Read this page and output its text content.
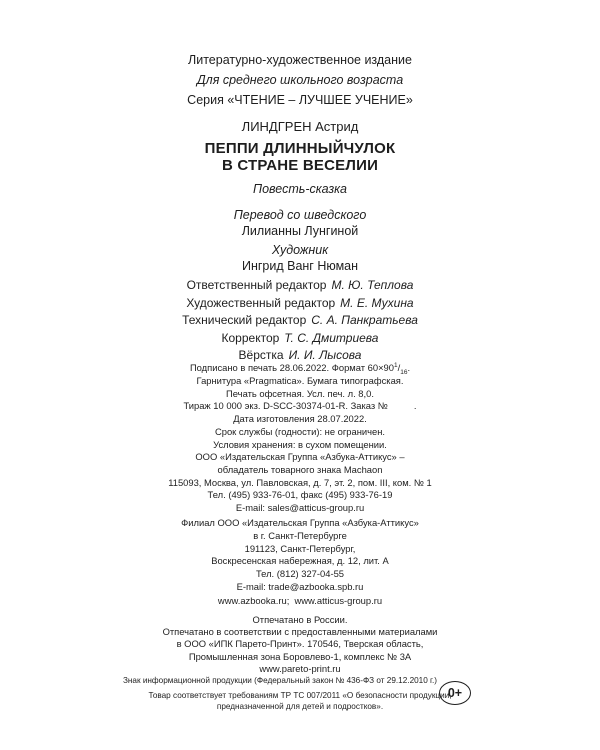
Литературно-художественное издание
Для среднего школьного возраста
Серия «ЧТЕНИЕ – ЛУЧШЕЕ УЧЕНИЕ»
ЛИНДГРЕН Астрид
ПЕППИ ДЛИННЫЙЧУЛОК
В СТРАНЕ ВЕСЕЛИИ
Повесть-сказка
Перевод со шведского
Лилианны Лунгиной
Художник
Ингрид Ванг Нюман
Ответственный редактор М. Ю. Теплова
Художественный редактор М. Е. Мухина
Технический редактор С. А. Панкратьева
Корректор Т. С. Дмитриева
Вёрстка И. И. Лысова
Подписано в печать 28.06.2022. Формат $60\times 90^1/_{16}$.
Гарнитура «Pragmatica». Бумага типографская.
Печать офсетная. Усл. печ. л. 8,0.
Тираж 10 000 экз. D-SCC-30374-01-R. Заказ №          .
Дата изготовления 28.07.2022.
Срок службы (годности): не ограничен.
Условия хранения: в сухом помещении.
ООО «Издательская Группа «Азбука-Аттикус» –
обладатель товарного знака Machaon
115093, Москва, ул. Павловская, д. 7, эт. 2, пом. III, ком. № 1
Тел. (495) 933-76-01, факс (495) 933-76-19
E-mail: sales@atticus-group.ru
Филиал ООО «Издательская Группа «Азбука-Аттикус»
в г. Санкт-Петербурге
191123, Санкт-Петербург,
Воскресенская набережная, д. 12, лит. А
Тел. (812) 327-04-55
E-mail: trade@azbooka.spb.ru
www.azbooka.ru;  www.atticus-group.ru
Отпечатано в России.
Отпечатано в соответствии с предоставленными материалами
в ООО «ИПК Парето-Принт». 170546, Тверская область,
Промышленная зона Боровлево-1, комплекс № 3А
www.pareto-print.ru
Знак информационной продукции (Федеральный закон № 436-ФЗ от 29.12.2010 г.)
0+
Товар соответствует требованиям ТР ТС 007/2011 «О безопасности продукции,
предназначенной для детей и подростков».
